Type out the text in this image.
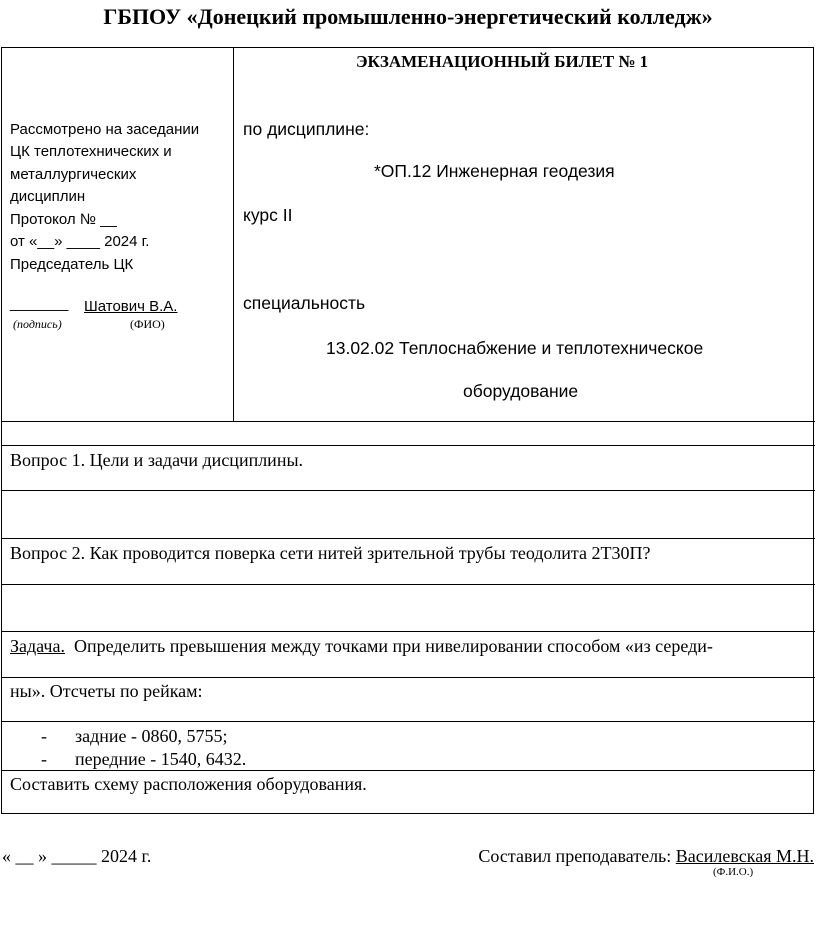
ГБПОУ «Донецкий промышленно-энергетический колледж»
Рассмотрено на заседании
ЦК теплотехнических и
металлургических
дисциплин
Протокол № __
от «__» ____ 2024 г.
Председатель ЦК
_______ Шатович В.А.
(подпись)	(ФИО)
ЭКЗАМЕНАЦИОННЫЙ БИЛЕТ № 1
по дисциплине:
*ОП.12 Инженерная геодезия
курс II
специальность
13.02.02 Теплоснабжение и теплотехническое
оборудование
Вопрос 1. Цели и задачи дисциплины.
Вопрос 2. Как проводится поверка сети нитей зрительной трубы теодолита 2Т30П?
Задача.  Определить превышения между точками при нивелировании способом «из середи-
ны». Отсчеты по рейкам:
- задние - 0860, 5755;
- передние - 1540, 6432.
Составить схему расположения оборудования.
« __ » _____ 2024 г.	Составил преподаватель: Василевская М.Н.
(Ф.И.О.)
